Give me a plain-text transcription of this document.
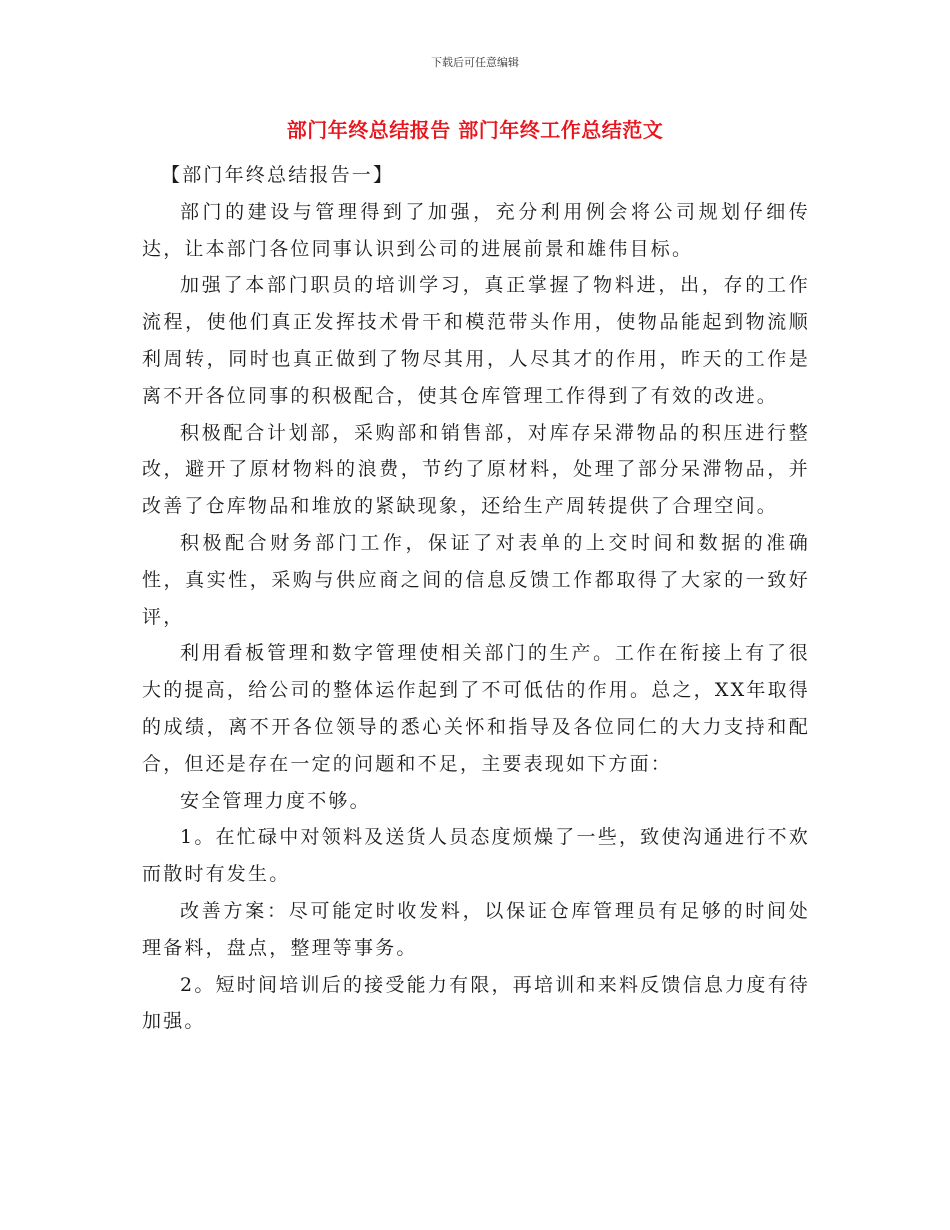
下载后可任意编辑
部门年终总结报告 部门年终工作总结范文

【部门年终总结报告一】

部门的建设与管理得到了加强，充分利用例会将公司规划仔细传达，让本部门各位同事认识到公司的进展前景和雄伟目标。

加强了本部门职员的培训学习，真正掌握了物料进，出，存的工作流程，使他们真正发挥技术骨干和模范带头作用，使物品能起到物流顺利周转，同时也真正做到了物尽其用，人尽其才的作用，昨天的工作是离不开各位同事的积极配合，使其仓库管理工作得到了有效的改进。

积极配合计划部，采购部和销售部，对库存呆滞物品的积压进行整改，避开了原材物料的浪费，节约了原材料，处理了部分呆滞物品，并改善了仓库物品和堆放的紧缺现象，还给生产周转提供了合理空间。

积极配合财务部门工作，保证了对表单的上交时间和数据的准确性，真实性，采购与供应商之间的信息反馈工作都取得了大家的一致好评，

利用看板管理和数字管理使相关部门的生产。工作在衔接上有了很大的提高，给公司的整体运作起到了不可低估的作用。总之，XX年取得的成绩，离不开各位领导的悉心关怀和指导及各位同仁的大力支持和配合，但还是存在一定的问题和不足，主要表现如下方面：

安全管理力度不够。

1。在忙碌中对领料及送货人员态度烦燥了一些，致使沟通进行不欢而散时有发生。

改善方案：尽可能定时收发料，以保证仓库管理员有足够的时间处理备料，盘点，整理等事务。

2。短时间培训后的接受能力有限，再培训和来料反馈信息力度有待加强。
